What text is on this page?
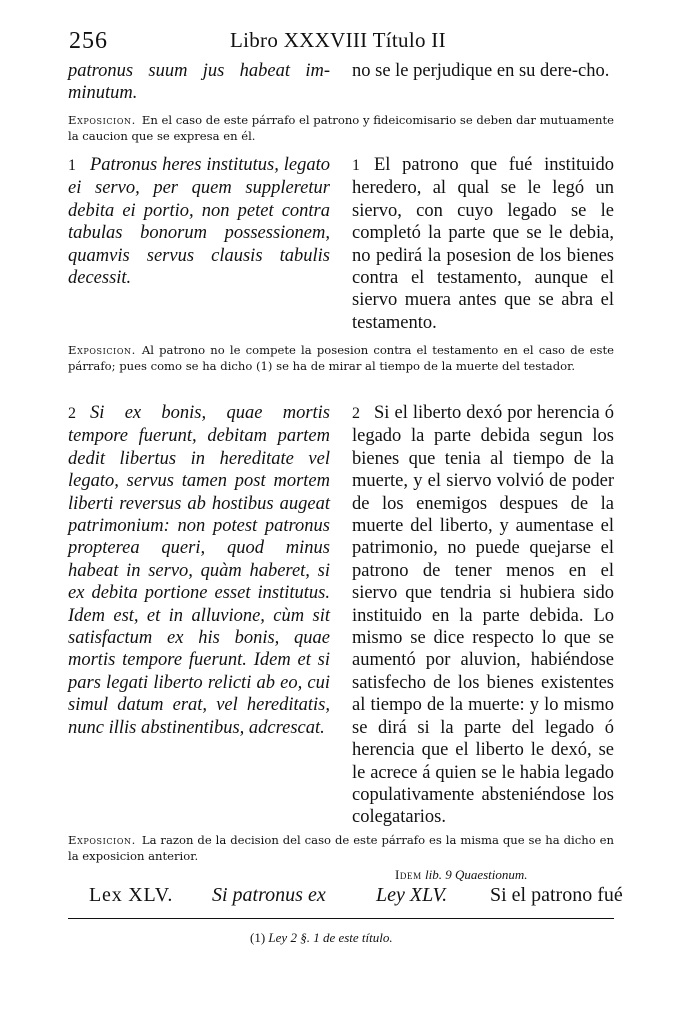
256	Libro XXXVIII Título II
patronus suum jus habeat im-minutum.
no se le perjudique en su dere-cho.
Exposicion. En el caso de este párrafo el patrono y fideicomisario se deben dar mutuamente la caucion que se expresa en él.
1 Patronus heres institutus, legato ei servo, per quem suppleretur debita ei portio, non petet contra tabulas bonorum possessionem, quamvis servus clausis tabulis decessit.
1 El patrono que fué instituido heredero, al qual se le legó un siervo, con cuyo legado se le completó la parte que se le debia, no pedirá la posesion de los bienes contra el testamento, aunque el siervo muera antes que se abra el testamento.
Exposicion. Al patrono no le compete la posesion contra el testamento en el caso de este párrafo; pues como se ha dicho (1) se ha de mirar al tiempo de la muerte del testador.
2 Si ex bonis, quae mortis tempore fuerunt, debitam partem dedit libertus in hereditate vel legato, servus tamen post mortem liberti reversus ab hostibus augeat patrimonium: non potest patronus propterea queri, quod minus habeat in servo, quàm haberet, si ex debita portione esset institutus. Idem est, et in alluvione, cùm sit satisfactum ex his bonis, quae mortis tempore fuerunt. Idem et si pars legati liberto relicti ab eo, cui simul datum erat, vel hereditatis, nunc illis abstinentibus, adcrescat.
2 Si el liberto dexó por herencia ó legado la parte debida segun los bienes que tenia al tiempo de la muerte, y el siervo volvió de poder de los enemigos despues de la muerte del liberto, y aumentase el patrimonio, no puede quejarse el patrono de tener menos en el siervo que tendria si hubiera sido instituido en la parte debida. Lo mismo se dice respecto lo que se aumentó por aluvion, habiéndose satisfecho de los bienes existentes al tiempo de la muerte: y lo mismo se dirá si la parte del legado ó herencia que el liberto le dexó, se le acrece á quien se le habia legado copulativamente absteniéndose los colegatarios.
Exposicion. La razon de la decision del caso de este párrafo es la misma que se ha dicho en la exposicion anterior.
Idem lib. 9 Quaestionum.
Lex XLV. Si patronus ex	Ley XLV. Si el patrono fué
(1) Ley 2 §. 1 de este título.
